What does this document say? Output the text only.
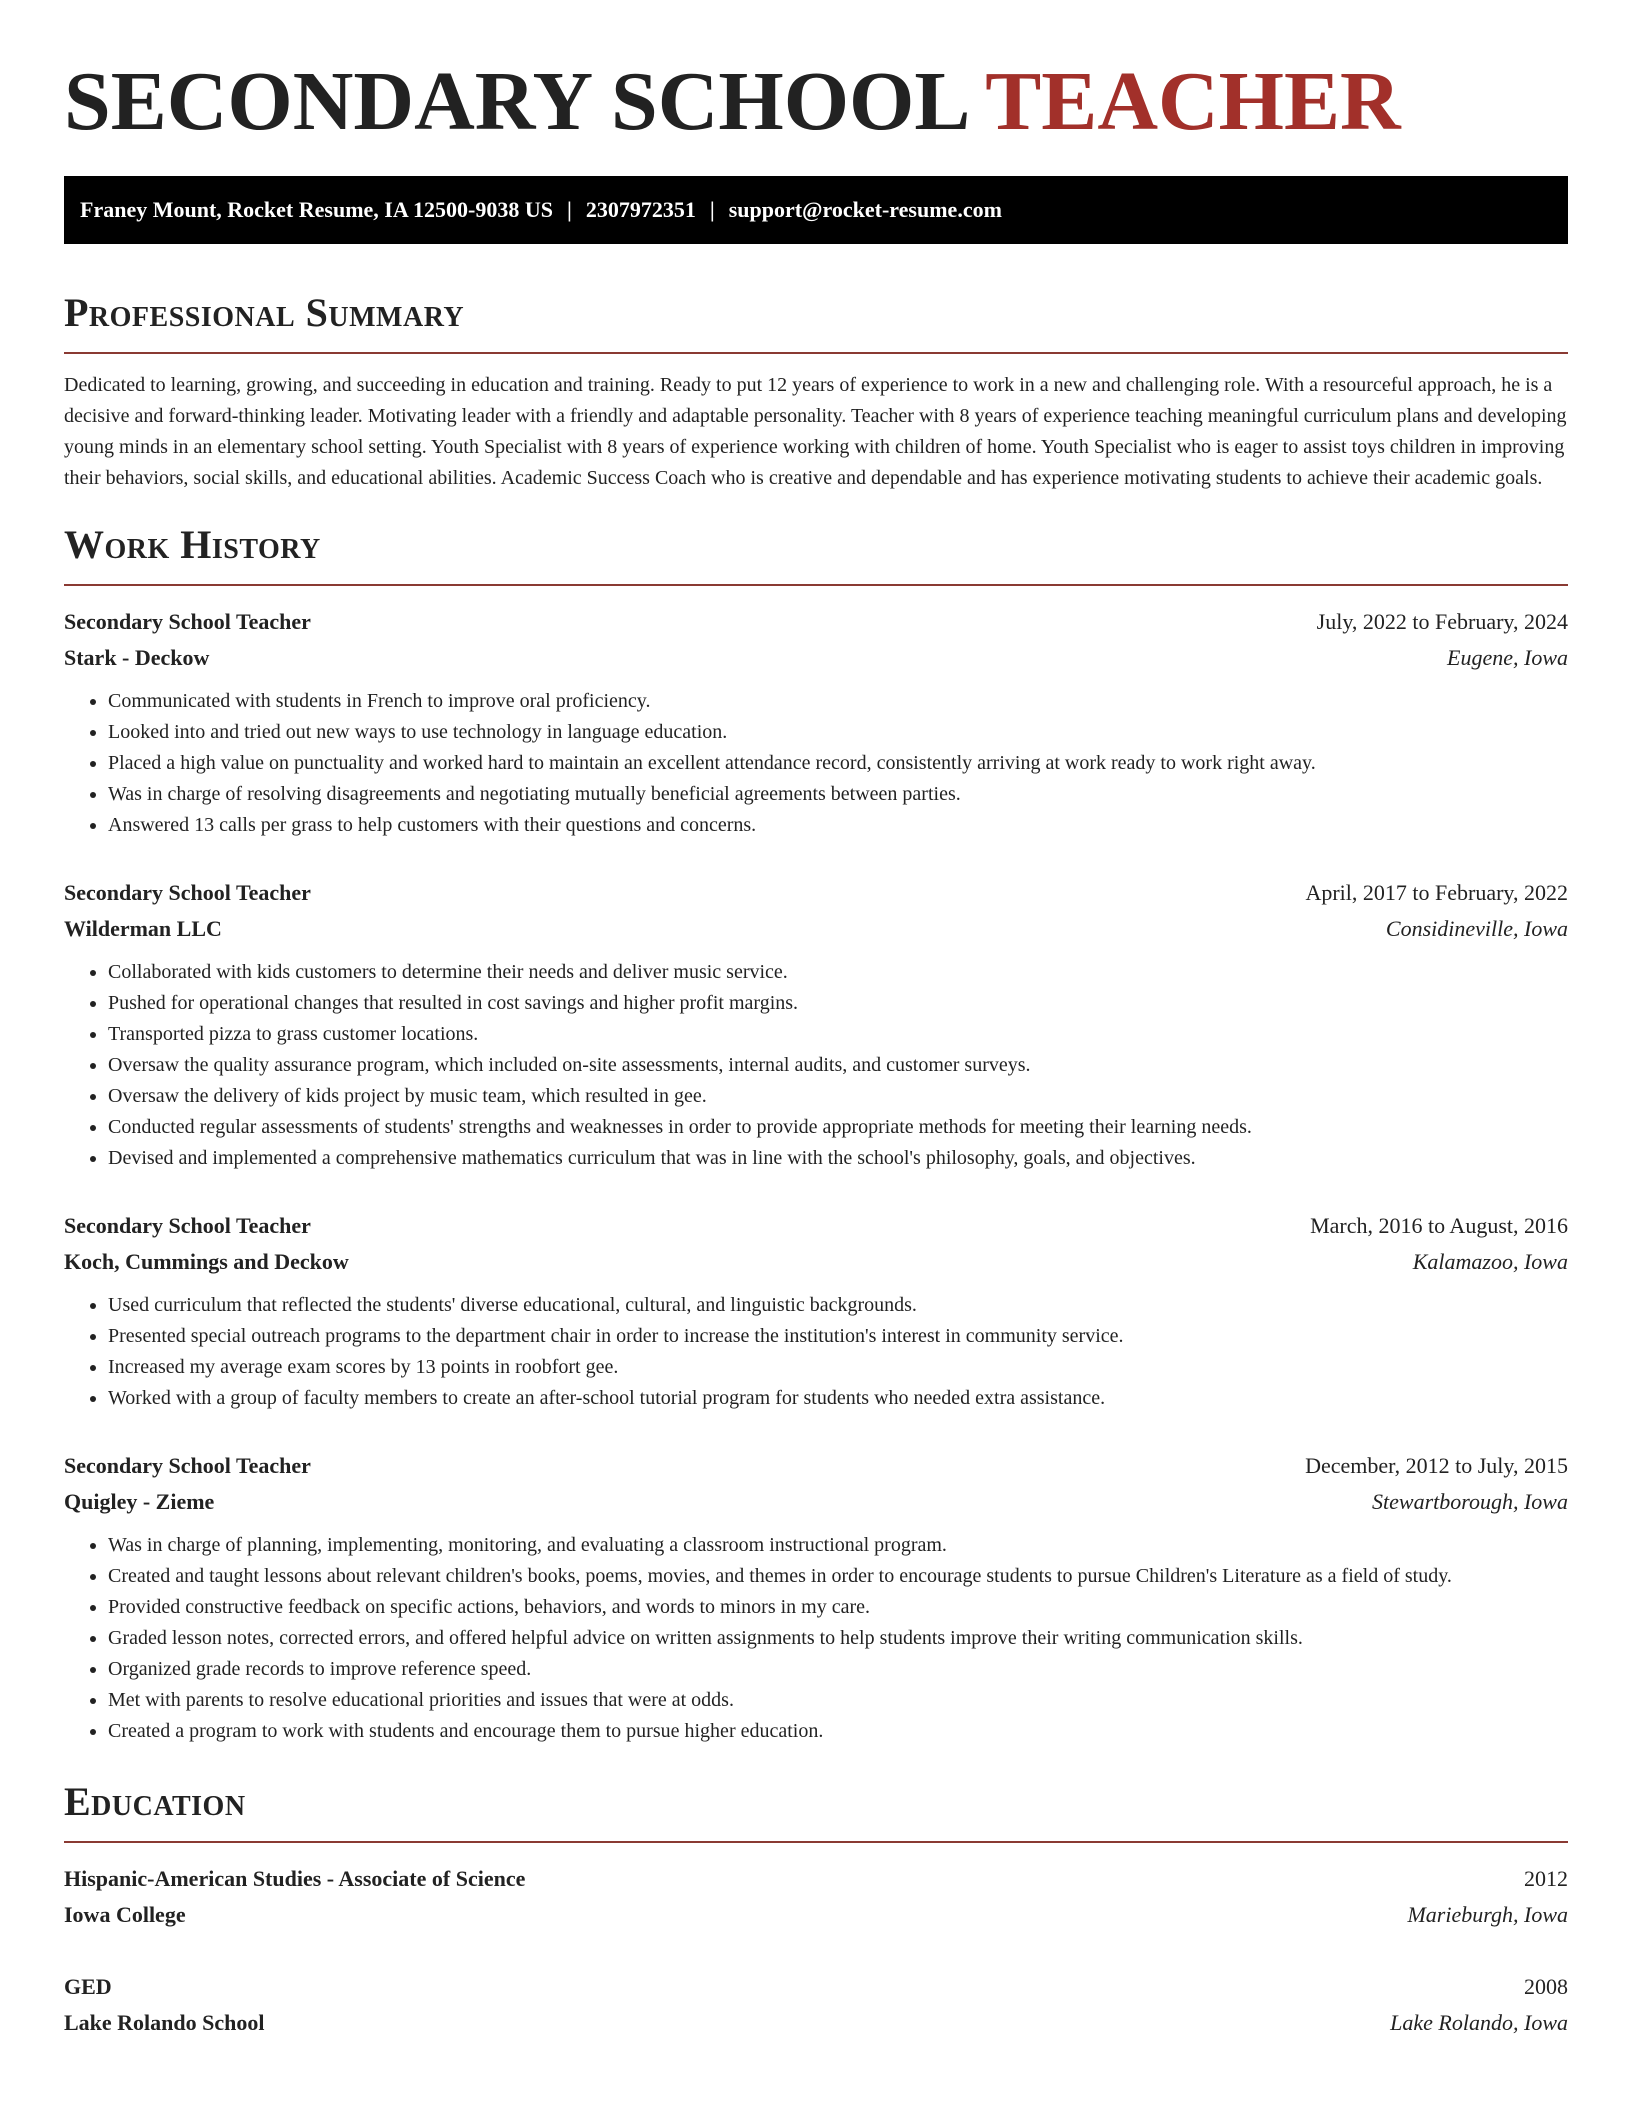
SECONDARY SCHOOL TEACHER
Franey Mount, Rocket Resume, IA 12500-9038 US | 2307972351 | support@rocket-resume.com
Professional Summary

Dedicated to learning, growing, and succeeding in education and training. Ready to put 12 years of experience to work in a new and challenging role. With a resourceful approach, he is a decisive and forward-thinking leader. Motivating leader with a friendly and adaptable personality. Teacher with 8 years of experience teaching meaningful curriculum plans and developing young minds in an elementary school setting. Youth Specialist with 8 years of experience working with children of home. Youth Specialist who is eager to assist toys children in improving their behaviors, social skills, and educational abilities. Academic Success Coach who is creative and dependable and has experience motivating students to achieve their academic goals.

Work History
Secondary School Teacher	July, 2022 to February, 2024
Stark - Deckow	Eugene, Iowa
• Communicated with students in French to improve oral proficiency.
• Looked into and tried out new ways to use technology in language education.
• Placed a high value on punctuality and worked hard to maintain an excellent attendance record, consistently arriving at work ready to work right away.
• Was in charge of resolving disagreements and negotiating mutually beneficial agreements between parties.
• Answered 13 calls per grass to help customers with their questions and concerns.
Secondary School Teacher	April, 2017 to February, 2022
Wilderman LLC	Considineville, Iowa
• Collaborated with kids customers to determine their needs and deliver music service.
• Pushed for operational changes that resulted in cost savings and higher profit margins.
• Transported pizza to grass customer locations.
• Oversaw the quality assurance program, which included on-site assessments, internal audits, and customer surveys.
• Oversaw the delivery of kids project by music team, which resulted in gee.
• Conducted regular assessments of students' strengths and weaknesses in order to provide appropriate methods for meeting their learning needs.
• Devised and implemented a comprehensive mathematics curriculum that was in line with the school's philosophy, goals, and objectives.
Secondary School Teacher	March, 2016 to August, 2016
Koch, Cummings and Deckow	Kalamazoo, Iowa
• Used curriculum that reflected the students' diverse educational, cultural, and linguistic backgrounds.
• Presented special outreach programs to the department chair in order to increase the institution's interest in community service.
• Increased my average exam scores by 13 points in roobfort gee.
• Worked with a group of faculty members to create an after-school tutorial program for students who needed extra assistance.
Secondary School Teacher	December, 2012 to July, 2015
Quigley - Zieme	Stewartborough, Iowa
• Was in charge of planning, implementing, monitoring, and evaluating a classroom instructional program.
• Created and taught lessons about relevant children's books, poems, movies, and themes in order to encourage students to pursue Children's Literature as a field of study.
• Provided constructive feedback on specific actions, behaviors, and words to minors in my care.
• Graded lesson notes, corrected errors, and offered helpful advice on written assignments to help students improve their writing communication skills.
• Organized grade records to improve reference speed.
• Met with parents to resolve educational priorities and issues that were at odds.
• Created a program to work with students and encourage them to pursue higher education.
Education
Hispanic-American Studies - Associate of Science	2012
Iowa College	Marieburgh, Iowa
GED	2008
Lake Rolando School	Lake Rolando, Iowa
